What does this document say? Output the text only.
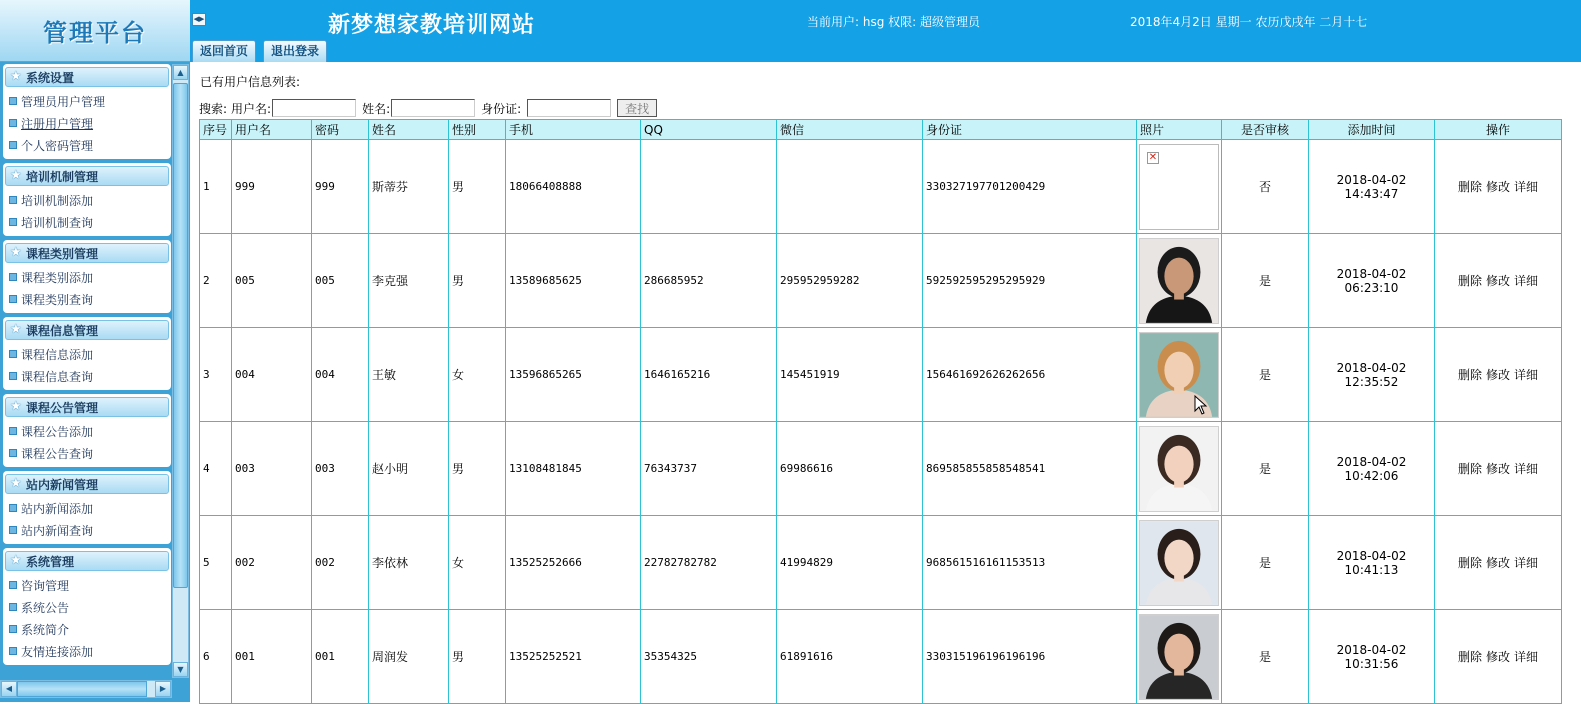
管理平台
★ 系统设置
管理员用户管理
注册用户管理
个人密码管理
★ 培训机制管理
培训机制添加
培训机制查询
★ 课程类别管理
课程类别添加
课程类别查询
★ 课程信息管理
课程信息添加
课程信息查询
★ 课程公告管理
课程公告添加
课程公告查询
★ 站内新闻管理
站内新闻添加
站内新闻查询
★ 系统管理
咨询管理
系统公告
系统简介
友情连接添加
▲
▼
◀	▶
◀▶	新梦想家教培训网站	当前用户: hsg 权限: 超级管理员	2018年4月2日 星期一 农历戊戌年 二月十七
返回首页	退出登录
已有用户信息列表:
搜索: 用户名:	姓名:	身份证:	查找
序号	用户名	密码	姓名	性别	手机	QQ	微信	身份证	照片	是否审核	添加时间	操作
1	999	999	斯蒂芬	男	18066408888			330327197701200429	✕	否	2018-04-02 14:43:47	删除 修改 详细
2	005	005	李克强	男	13589685625	286685952	295952959282	592592595295295929		是	2018-04-02 06:23:10	删除 修改 详细
3	004	004	王敏	女	13596865265	1646165216	145451919	156461692626262656		是	2018-04-02 12:35:52	删除 修改 详细
4	003	003	赵小明	男	13108481845	76343737	69986616	869585855858548541		是	2018-04-02 10:42:06	删除 修改 详细
5	002	002	李依林	女	13525252666	22782782782	41994829	968561516161153513		是	2018-04-02 10:41:13	删除 修改 详细
6	001	001	周润发	男	13525252521	35354325	61891616	330315196196196196		是	2018-04-02 10:31:56	删除 修改 详细
